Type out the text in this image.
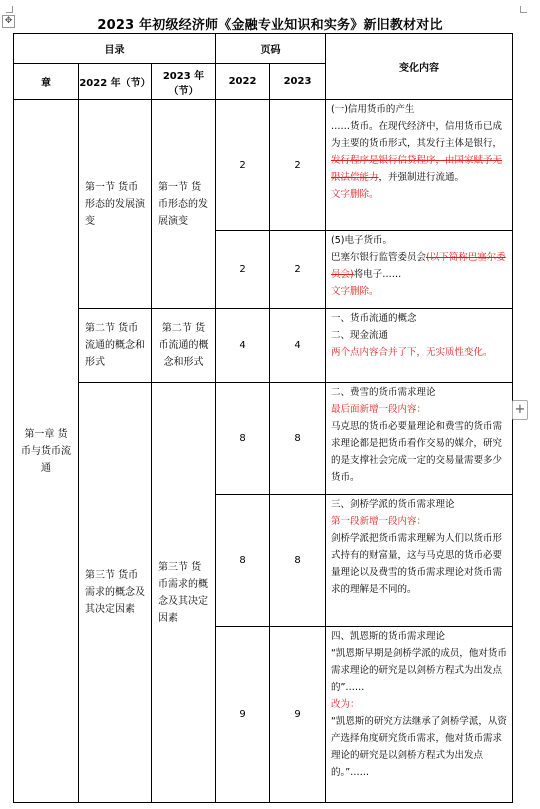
✥	2023 年初级经济师《金融专业知识和实务》新旧教材对比
目录			页码		变化内容
章	2022 年（节）	2023 年（节）	2022	2023	
第一章 货币与货币流通	第一节 货币形态的发展演变	第一节 货币形态的发展演变	2	2	(一)信用货币的产生
……货币。在现代经济中，信用货币已成为主要的货币形式，其发行主体是银行，发行程序是银行信贷程序，由国家赋予无限法偿能力，并强制进行流通。
文字删除。

			2	2	(5)电子货币。
巴塞尔银行监管委员会(以下简称巴塞尔委员会)将电子……
文字删除。

	第二节 货币流通的概念和形式	第二节 货币流通的概念和形式	4	4	一、货币流通的概念
二、现金流通
两个点内容合并了下，无实质性变化。

	第三节 货币需求的概念及其决定因素	第三节 货币需求的概念及其决定因素	8	8	二、费雪的货币需求理论
最后面新增一段内容：
马克思的货币必要量理论和费雪的货币需求理论都是把货币看作交易的媒介，研究的是支撑社会完成一定的交易量需要多少货币。

			8	8	三、剑桥学派的货币需求理论
第一段新增一段内容：
剑桥学派把货币需求理解为人们以货币形式持有的财富量，这与马克思的货币必要量理论以及费雪的货币需求理论对货币需求的理解是不同的。

			9	9	四、凯恩斯的货币需求理论
“凯恩斯早期是剑桥学派的成员，他对货币需求理论的研究是以剑桥方程式为出发点的”……
改为：
“凯恩斯的研究方法继承了剑桥学派，从资产选择角度研究货币需求，他对货币需求理论的研究是以剑桥方程式为出发点的。”……
+
